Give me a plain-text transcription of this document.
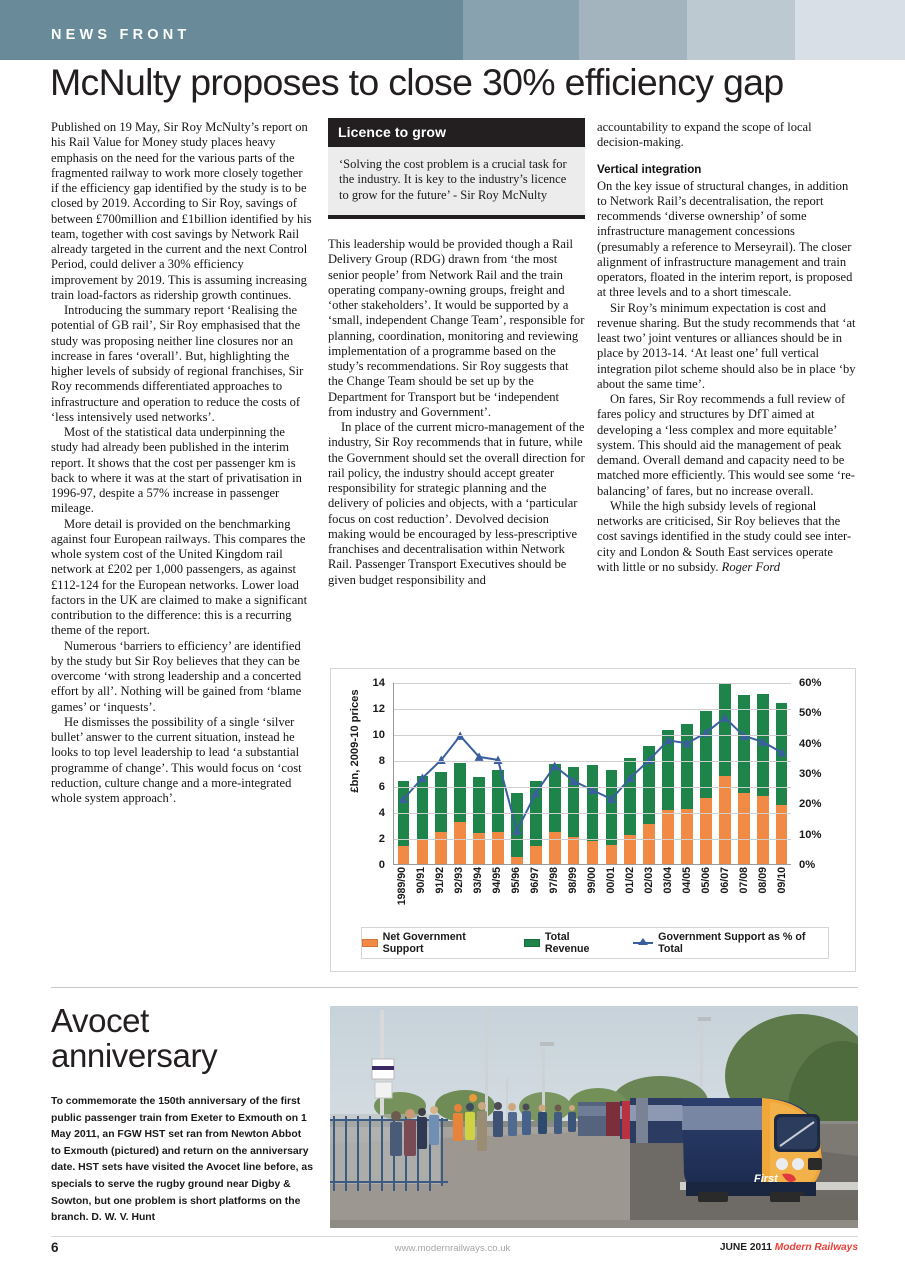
NEWS FRONT
McNulty proposes to close 30% efficiency gap

Published on 19 May, Sir Roy McNulty’s report on his Rail Value for Money study places heavy emphasis on the need for the various parts of the fragmented railway to work more closely together if the efficiency gap identified by the study is to be closed by 2019. According to Sir Roy, savings of between £700million and £1billion identified by his team, together with cost savings by Network Rail already targeted in the current and the next Control Period, could deliver a 30% efficiency improvement by 2019. This is assuming increasing train load-factors as ridership growth continues.

Introducing the summary report ‘Realising the potential of GB rail’, Sir Roy emphasised that the study was proposing neither line closures nor an increase in fares ‘overall’. But, highlighting the higher levels of subsidy of regional franchises, Sir Roy recommends differentiated approaches to infrastructure and operation to reduce the costs of ‘less intensively used networks’.

Most of the statistical data underpinning the study had already been published in the interim report. It shows that the cost per passenger km is back to where it was at the start of privatisation in 1996-97, despite a 57% increase in passenger mileage.

More detail is provided on the benchmarking against four European railways. This compares the whole system cost of the United Kingdom rail network at £202 per 1,000 passengers, as against £112-124 for the European networks. Lower load factors in the UK are claimed to make a significant contribution to the difference: this is a recurring theme of the report.

Numerous ‘barriers to efficiency’ are identified by the study but Sir Roy believes that they can be overcome ‘with strong leadership and a concerted effort by all’. Nothing will be gained from ‘blame games’ or ‘inquests’.

He dismisses the possibility of a single ‘silver bullet’ answer to the current situation, instead he looks to top level leadership to lead ‘a substantial programme of change’. This would focus on ‘cost reduction, culture change and a more-integrated whole system approach’.

Licence to grow
‘Solving the cost problem is a crucial task for the industry. It is key to the industry’s licence to grow for the future’ - Sir Roy McNulty

This leadership would be provided though a Rail Delivery Group (RDG) drawn from ‘the most senior people’ from Network Rail and the train operating company-owning groups, freight and ‘other stakeholders’. It would be supported by a ‘small, independent Change Team’, responsible for planning, coordination, monitoring and reviewing implementation of a programme based on the study’s recommendations. Sir Roy suggests that the Change Team should be set up by the Department for Transport but be ‘independent from industry and Government’.

In place of the current micro-management of the industry, Sir Roy recommends that in future, while the Government should set the overall direction for rail policy, the industry should accept greater responsibility for strategic planning and the delivery of policies and objects, with a ‘particular focus on cost reduction’. Devolved decision making would be encouraged by less-prescriptive franchises and decentralisation within Network Rail. Passenger Transport Executives should be given budget responsibility and

accountability to expand the scope of local decision-making.

Vertical integration

On the key issue of structural changes, in addition to Network Rail’s decentralisation, the report recommends ‘diverse ownership’ of some infrastructure management concessions (presumably a reference to Merseyrail). The closer alignment of infrastructure management and train operators, floated in the interim report, is proposed at three levels and to a short timescale.

Sir Roy’s minimum expectation is cost and revenue sharing. But the study recommends that ‘at least two’ joint ventures or alliances should be in place by 2013-14. ‘At least one’ full vertical integration pilot scheme should also be in place ‘by about the same time’.

On fares, Sir Roy recommends a full review of fares policy and structures by DfT aimed at developing a ‘less complex and more equitable’ system. This should aid the management of peak demand. Overall demand and capacity need to be matched more efficiently. This would see some ‘re-balancing’ of fares, but no increase overall.

While the high subsidy levels of regional networks are criticised, Sir Roy believes that the cost savings identified in the study could see inter-city and London & South East services operate with little or no subsidy. Roger Ford

£bn, 2009-10 prices
0
2
4
6
8
10
12
14
0%
10%
20%
30%
40%
50%
60%
1989/90 90/91 91/92 92/93 93/94 94/95 95/96 96/97 97/98 98/99 99/00 00/01 01/02 02/03 03/04 04/05 05/06 06/07 07/08 08/09 09/10
Net Government Support
Total Revenue
Government Support as % of Total
Avocet
anniversary
To commemorate the 150th anniversary of the first public passenger train from Exeter to Exmouth on 1 May 2011, an FGW HST set ran from Newton Abbot to Exmouth (pictured) and return on the anniversary date. HST sets have visited the Avocet line before, as specials to serve the rugby ground near Digby & Sowton, but one problem is short platforms on the branch. D. W. V. Hunt
First
6	www.modernrailways.co.uk	JUNE 2011 Modern Railways
